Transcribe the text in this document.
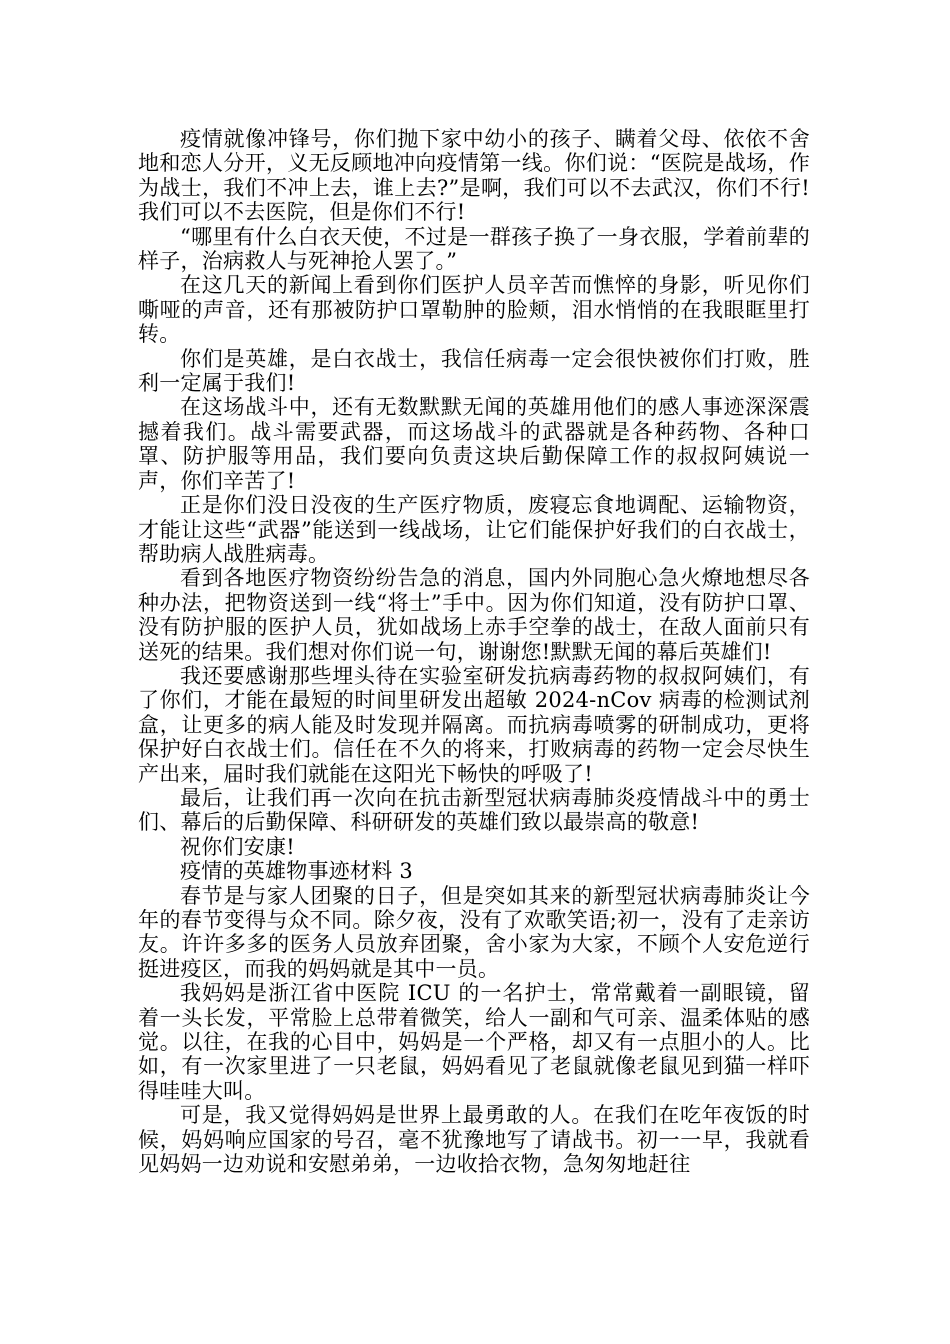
疫情就像冲锋号，你们抛下家中幼小的孩子、瞒着父母、依依不舍地和恋人分开，义无反顾地冲向疫情第一线。你们说：“医院是战场，作为战士，我们不冲上去，谁上去?”是啊，我们可以不去武汉，你们不行!我们可以不去医院，但是你们不行!

“哪里有什么白衣天使，不过是一群孩子换了一身衣服，学着前辈的样子，治病救人与死神抢人罢了。”

在这几天的新闻上看到你们医护人员辛苦而憔悴的身影，听见你们嘶哑的声音，还有那被防护口罩勒肿的脸颊，泪水悄悄的在我眼眶里打转。

你们是英雄，是白衣战士，我信任病毒一定会很快被你们打败，胜利一定属于我们!

在这场战斗中，还有无数默默无闻的英雄用他们的感人事迹深深震撼着我们。战斗需要武器，而这场战斗的武器就是各种药物、各种口罩、防护服等用品，我们要向负责这块后勤保障工作的叔叔阿姨说一声，你们辛苦了!

正是你们没日没夜的生产医疗物质，废寝忘食地调配、运输物资，才能让这些“武器”能送到一线战场，让它们能保护好我们的白衣战士，帮助病人战胜病毒。

看到各地医疗物资纷纷告急的消息，国内外同胞心急火燎地想尽各种办法，把物资送到一线“将士”手中。因为你们知道，没有防护口罩、没有防护服的医护人员，犹如战场上赤手空拳的战士，在敌人面前只有送死的结果。我们想对你们说一句，谢谢您!默默无闻的幕后英雄们!

我还要感谢那些埋头待在实验室研发抗病毒药物的叔叔阿姨们，有了你们，才能在最短的时间里研发出超敏 2024-nCov 病毒的检测试剂盒，让更多的病人能及时发现并隔离。而抗病毒喷雾的研制成功，更将保护好白衣战士们。信任在不久的将来，打败病毒的药物一定会尽快生产出来，届时我们就能在这阳光下畅快的呼吸了!

最后，让我们再一次向在抗击新型冠状病毒肺炎疫情战斗中的勇士们、幕后的后勤保障、科研研发的英雄们致以最崇高的敬意!

祝你们安康!

疫情的英雄物事迹材料 3

春节是与家人团聚的日子，但是突如其来的新型冠状病毒肺炎让今年的春节变得与众不同。除夕夜，没有了欢歌笑语;初一，没有了走亲访友。许许多多的医务人员放弃团聚，舍小家为大家，不顾个人安危逆行挺进疫区，而我的妈妈就是其中一员。

我妈妈是浙江省中医院 ICU 的一名护士，常常戴着一副眼镜，留着一头长发，平常脸上总带着微笑，给人一副和气可亲、温柔体贴的感觉。以往，在我的心目中，妈妈是一个严格，却又有一点胆小的人。比如，有一次家里进了一只老鼠，妈妈看见了老鼠就像老鼠见到猫一样吓得哇哇大叫。

可是，我又觉得妈妈是世界上最勇敢的人。在我们在吃年夜饭的时候，妈妈响应国家的号召，毫不犹豫地写了请战书。初一一早，我就看见妈妈一边劝说和安慰弟弟，一边收拾衣物，急匆匆地赶往
